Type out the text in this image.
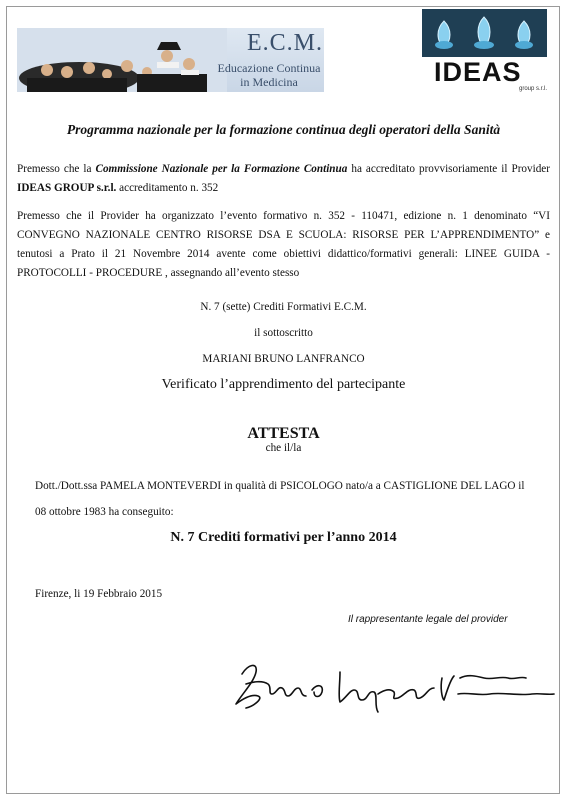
E.C.M.
Educazione Continua
in Medicina	IDEAS
group s.r.l.
Programma nazionale per la formazione continua degli operatori della Sanità
Premesso che la Commissione Nazionale per la Formazione Continua ha accreditato provvisoriamente il Provider IDEAS GROUP s.r.l. accreditamento n. 352
Premesso che il Provider ha organizzato l’evento formativo n. 352 - 110471, edizione n. 1 denominato “VI CONVEGNO NAZIONALE CENTRO RISORSE DSA E SCUOLA: RISORSE PER L’APPRENDIMENTO” e tenutosi a Prato il 21 Novembre 2014 avente come obiettivi didattico/formativi generali: LINEE GUIDA - PROTOCOLLI - PROCEDURE , assegnando all’evento stesso
N. 7 (sette) Crediti Formativi E.C.M.
il sottoscritto
MARIANI BRUNO LANFRANCO
Verificato l’apprendimento del partecipante
ATTESTA
che il/la
Dott./Dott.ssa PAMELA MONTEVERDI in qualità di PSICOLOGO nato/a a CASTIGLIONE DEL LAGO il
08 ottobre 1983 ha conseguito:
N. 7 Crediti formativi per l’anno 2014
Firenze, li 19 Febbraio 2015
Il rappresentante legale del provider
